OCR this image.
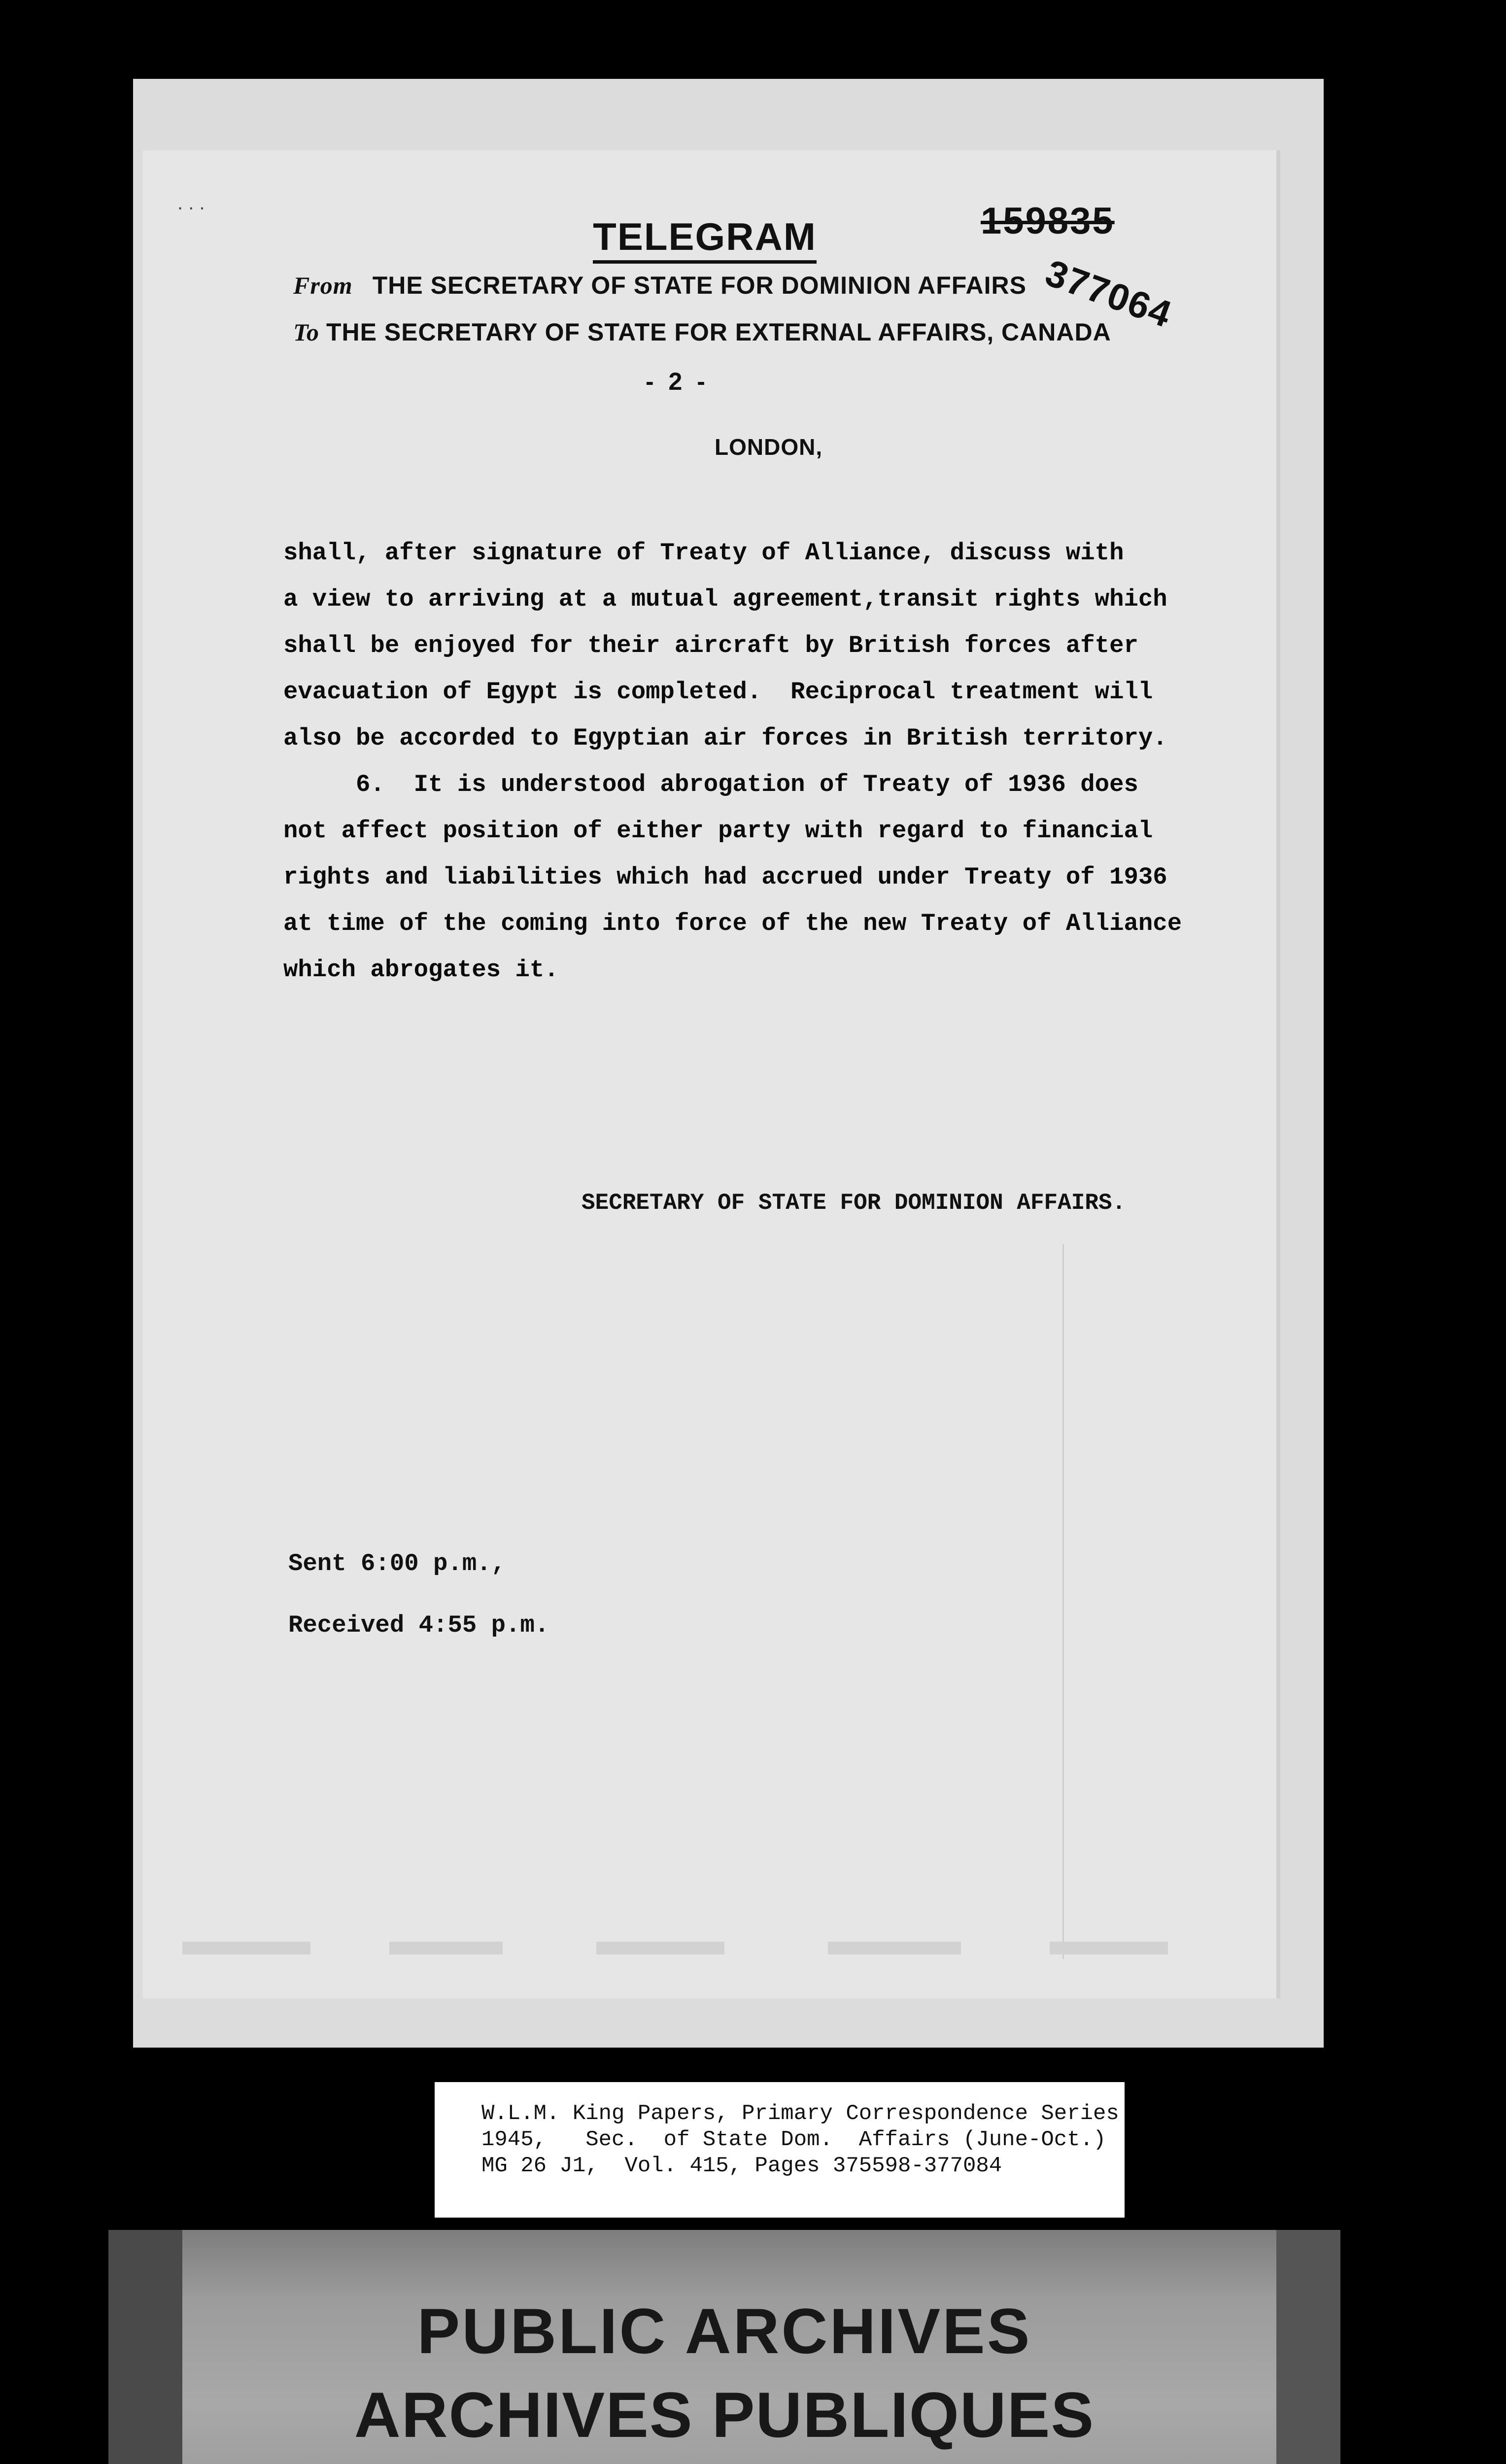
. . .
TELEGRAM	159835
377064
From THE SECRETARY OF STATE FOR DOMINION AFFAIRS
To THE SECRETARY OF STATE FOR EXTERNAL AFFAIRS, CANADA
- 2 -
LONDON,
shall, after signature of Treaty of Alliance, discuss with
a view to arriving at a mutual agreement,transit rights which
shall be enjoyed for their aircraft by British forces after
evacuation of Egypt is completed.  Reciprocal treatment will
also be accorded to Egyptian air forces in British territory.
6.  It is understood abrogation of Treaty of 1936 does
not affect position of either party with regard to financial
rights and liabilities which had accrued under Treaty of 1936
at time of the coming into force of the new Treaty of Alliance
which abrogates it.
SECRETARY OF STATE FOR DOMINION AFFAIRS.
Sent 6:00 p.m.,
Received 4:55 p.m.
W.L.M. King Papers, Primary Correspondence Series
1945,   Sec.  of State Dom.  Affairs (June-Oct.)
MG 26 J1,  Vol. 415, Pages 375598-377084
PUBLIC ARCHIVES
ARCHIVES PUBLIQUES
